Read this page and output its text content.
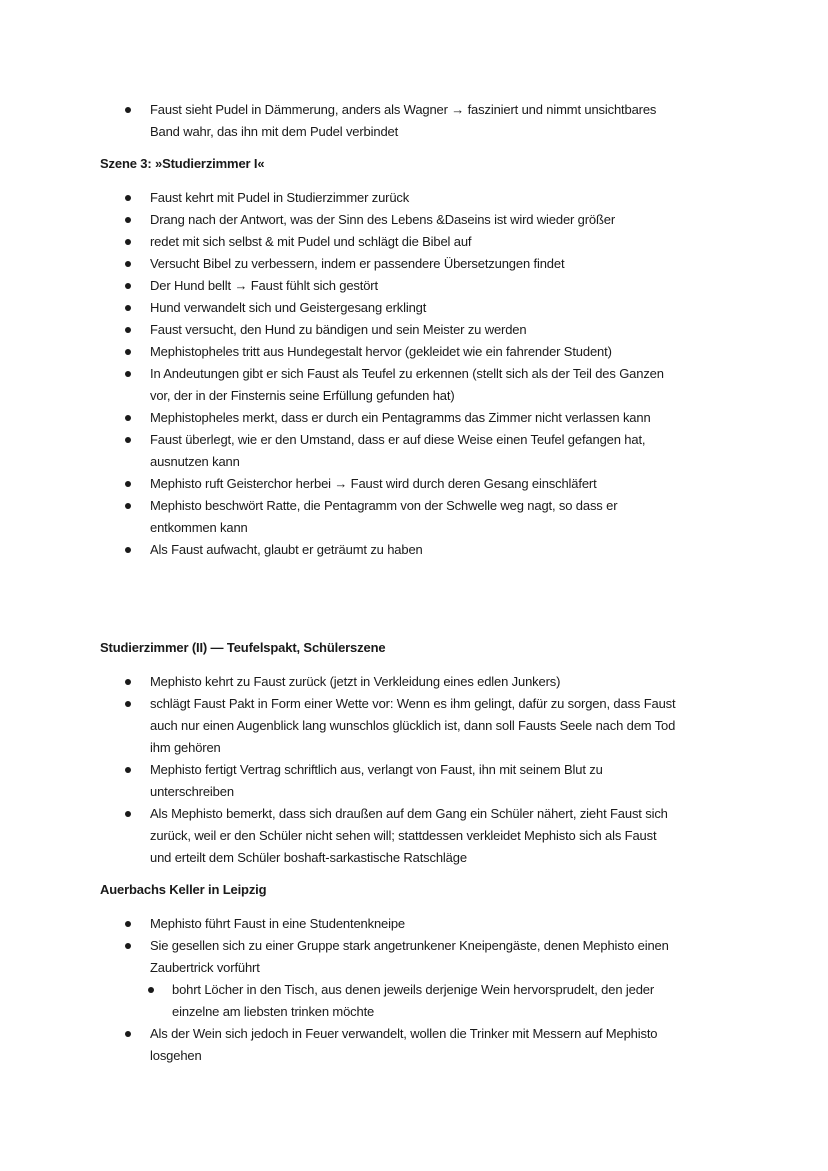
Faust sieht Pudel in Dämmerung, anders als Wagner → fasziniert und nimmt unsichtbares
Band wahr, das ihn mit dem Pudel verbindet
Szene 3: »Studierzimmer I«
Faust kehrt mit Pudel in Studierzimmer zurück
Drang nach der Antwort, was der Sinn des Lebens &Daseins ist wird wieder größer
redet mit sich selbst & mit Pudel und schlägt die Bibel auf
Versucht Bibel zu verbessern, indem er passendere Übersetzungen findet
Der Hund bellt → Faust fühlt sich gestört
Hund verwandelt sich und Geistergesang erklingt
Faust versucht, den Hund zu bändigen und sein Meister zu werden
Mephistopheles tritt aus Hundegestalt hervor (gekleidet wie ein fahrender Student)
In Andeutungen gibt er sich Faust als Teufel zu erkennen (stellt sich als der Teil des Ganzen
vor, der in der Finsternis seine Erfüllung gefunden hat)
Mephistopheles merkt, dass er durch ein Pentagramms das Zimmer nicht verlassen kann
Faust überlegt, wie er den Umstand, dass er auf diese Weise einen Teufel gefangen hat,
ausnutzen kann
Mephisto ruft Geisterchor herbei → Faust wird durch deren Gesang einschläfert
Mephisto beschwört Ratte, die Pentagramm von der Schwelle weg nagt, so dass er
entkommen kann
Als Faust aufwacht, glaubt er geträumt zu haben
Studierzimmer (II) — Teufelspakt, Schülerszene
Mephisto kehrt zu Faust zurück (jetzt in Verkleidung eines edlen Junkers)
schlägt Faust Pakt in Form einer Wette vor: Wenn es ihm gelingt, dafür zu sorgen, dass Faust
auch nur einen Augenblick lang wunschlos glücklich ist, dann soll Fausts Seele nach dem Tod
ihm gehören
Mephisto fertigt Vertrag schriftlich aus, verlangt von Faust, ihn mit seinem Blut zu
unterschreiben
Als Mephisto bemerkt, dass sich draußen auf dem Gang ein Schüler nähert, zieht Faust sich
zurück, weil er den Schüler nicht sehen will; stattdessen verkleidet Mephisto sich als Faust
und erteilt dem Schüler boshaft-sarkastische Ratschläge
Auerbachs Keller in Leipzig
Mephisto führt Faust in eine Studentenkneipe
Sie gesellen sich zu einer Gruppe stark angetrunkener Kneipengäste, denen Mephisto einen
Zaubertrick vorführt
bohrt Löcher in den Tisch, aus denen jeweils derjenige Wein hervorsprudelt, den jeder
einzelne am liebsten trinken möchte
Als der Wein sich jedoch in Feuer verwandelt, wollen die Trinker mit Messern auf Mephisto
losgehen
